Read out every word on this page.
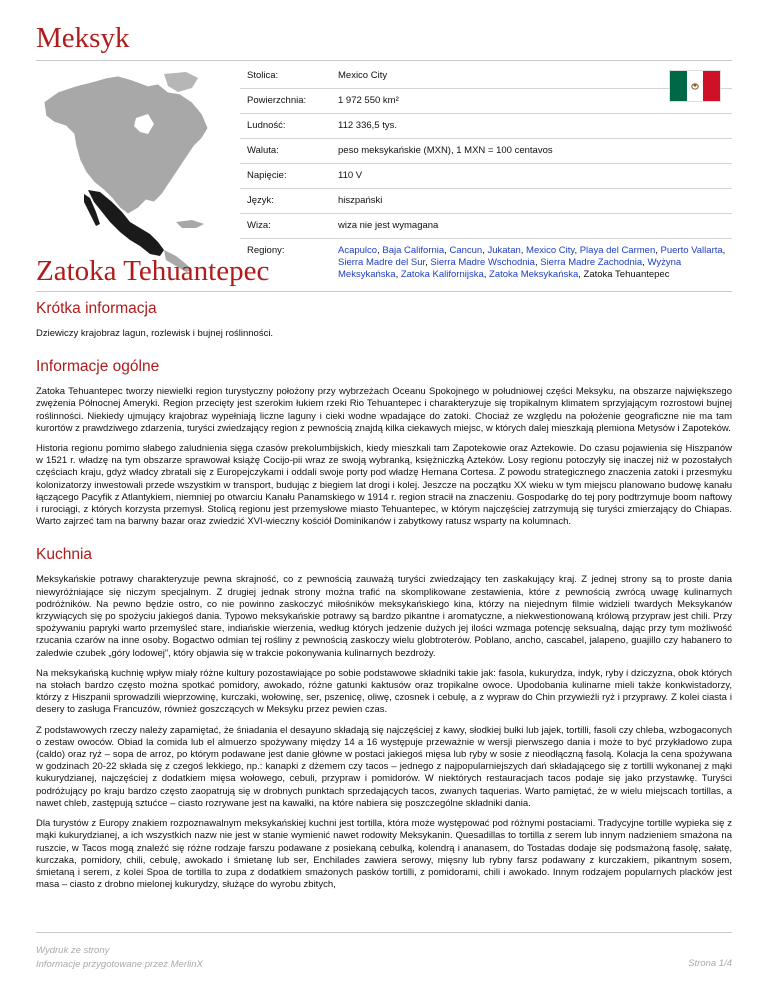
Meksyk
Stolica:	Mexico City
Powierzchnia:	1 972 550 km²
Ludność:	112 336,5 tys.
Waluta:	peso meksykańskie (MXN), 1 MXN = 100 centavos
Napięcie:	110 V
Język:	hiszpański
Wiza:	wiza nie jest wymagana
Regiony:	Acapulco, Baja California, Cancun, Jukatan, Mexico City, Playa del Carmen, Puerto Vallarta, Sierra Madre del Sur, Sierra Madre Wschodnia, Sierra Madre Zachodnia, Wyżyna Meksykańska, Zatoka Kalifornijska, Zatoka Meksykańska, Zatoka Tehuantepec
Zatoka Tehuantepec
Krótka informacja

Dziewiczy krajobraz lagun, rozlewisk i bujnej roślinności.

Informacje ogólne

Zatoka Tehuantepec tworzy niewielki region turystyczny położony przy wybrzeżach Oceanu Spokojnego w południowej części Meksyku, na obszarze największego zwężenia Północnej Ameryki. Region przecięty jest szerokim łukiem rzeki Rio Tehuantepec i charakteryzuje się tropikalnym klimatem sprzyjającym rozrostowi bujnej roślinności. Niekiedy ujmujący krajobraz wypełniają liczne laguny i cieki wodne wpadające do zatoki. Chociaż ze względu na położenie geograficzne nie ma tam kurortów z prawdziwego zdarzenia, turyści zwiedzający region z pewnością znajdą kilka ciekawych miejsc, w których dalej mieszkają plemiona Metysów i Zapoteków.

Historia regionu pomimo słabego zaludnienia sięga czasów prekolumbijskich, kiedy mieszkali tam Zapotekowie oraz Aztekowie. Do czasu pojawienia się Hiszpanów w 1521 r. władzę na tym obszarze sprawował książę Cocijo-pii wraz ze swoją wybranką, księżniczką Azteków. Losy regionu potoczyły się inaczej niż w pozostałych częściach kraju, gdyż władcy zbratali się z Europejczykami i oddali swoje porty pod władzę Hernana Cortesa. Z powodu strategicznego znaczenia zatoki i przesmyku kolonizatorzy inwestowali przede wszystkim w transport, budując z biegiem lat drogi i kolej. Jeszcze na początku XX wieku w tym miejscu planowano budowę kanału łączącego Pacyfik z Atlantykiem, niemniej po otwarciu Kanału Panamskiego w 1914 r. region stracił na znaczeniu. Gospodarkę do tej pory podtrzymuje boom naftowy i rurociągi, z których korzysta przemysł. Stolicą regionu jest przemysłowe miasto Tehuantepec, w którym najczęściej zatrzymują się turyści zmierzający do Chiapas. Warto zajrzeć tam na barwny bazar oraz zwiedzić XVI-wieczny kościół Dominikanów i zabytkowy ratusz wsparty na kolumnach.

Kuchnia

Meksykańskie potrawy charakteryzuje pewna skrajność, co z pewnością zauważą turyści zwiedzający ten zaskakujący kraj. Z jednej strony są to proste dania niewyróżniające się niczym specjalnym. Z drugiej jednak strony można trafić na skomplikowane zestawienia, które z pewnością zwrócą uwagę kulinarnych podróżników. Na pewno będzie ostro, co nie powinno zaskoczyć miłośników meksykańskiego kina, którzy na niejednym filmie widzieli twardych Meksykanów krzywiących się po spożyciu jakiegoś dania. Typowo meksykańskie potrawy są bardzo pikantne i aromatyczne, a niekwestionowaną królową przypraw jest chili. Przy spożywaniu papryki warto przemyśleć stare, indiańskie wierzenia, według których jedzenie dużych jej ilości wzmaga potencję seksualną, dając przy tym możliwość rzucania czarów na inne osoby. Bogactwo odmian tej rośliny z pewnością zaskoczy wielu globtroterów. Poblano, ancho, cascabel, jalapeno, guajillo czy habanero to zaledwie czubek „góry lodowej”, który objawia się w trakcie pokonywania kulinarnych bezdroży.

Na meksykańską kuchnię wpływ miały różne kultury pozostawiające po sobie podstawowe składniki takie jak: fasola, kukurydza, indyk, ryby i dziczyzna, obok których na stołach bardzo często można spotkać pomidory, awokado, różne gatunki kaktusów oraz tropikalne owoce. Upodobania kulinarne mieli także konkwistadorzy, którzy z Hiszpanii sprowadzili wieprzowinę, kurczaki, wołowinę, ser, pszenicę, oliwę, czosnek i cebulę, a z wypraw do Chin przywieźli ryż i przyprawy. Z kolei ciasta i desery to zasługa Francuzów, również goszczących w Meksyku przez pewien czas.

Z podstawowych rzeczy należy zapamiętać, że śniadania el desayuno składają się najczęściej z kawy, słodkiej bułki lub jajek, tortilli, fasoli czy chleba, wzbogaconych o zestaw owoców. Obiad la comida lub el almuerzo spożywany między 14 a 16 występuje przeważnie w wersji pierwszego dania i może to być przykładowo zupa (caldo) oraz ryż – sopa de arroz, po którym podawane jest danie główne w postaci jakiegoś mięsa lub ryby w sosie z nieodłączną fasolą. Kolacja la cena spożywana w godzinach 20-22 składa się z czegoś lekkiego, np.: kanapki z dżemem czy tacos – jednego z najpopularniejszych dań składającego się z tortilli wykonanej z mąki kukurydzianej, najczęściej z dodatkiem mięsa wołowego, cebuli, przypraw i pomidorów. W niektórych restauracjach tacos podaje się jako przystawkę. Turyści podróżujący po kraju bardzo często zaopatrują się w drobnych punktach sprzedających tacos, zwanych taquerias. Warto pamiętać, że w wielu miejscach tortillas, a nawet chleb, zastępują sztućce – ciasto rozrywane jest na kawałki, na które nabiera się poszczególne składniki dania.

Dla turystów z Europy znakiem rozpoznawalnym meksykańskiej kuchni jest tortilla, która może występować pod różnymi postaciami. Tradycyjne tortille wypieka się z mąki kukurydzianej, a ich wszystkich nazw nie jest w stanie wymienić nawet rodowity Meksykanin. Quesadillas to tortilla z serem lub innym nadzieniem smażona na ruszcie, w Tacos mogą znaleźć się różne rodzaje farszu podawane z posiekaną cebulką, kolendrą i ananasem, do Tostadas dodaje się podsmażoną fasolę, sałatę, kurczaka, pomidory, chili, cebulę, awokado i śmietanę lub ser, Enchilades zawiera serowy, mięsny lub rybny farsz podawany z kurczakiem, pikantnym sosem, śmietaną i serem, z kolei Spoa de tortilla to zupa z dodatkiem smażonych pasków tortilli, z pomidorami, chili i awokado. Innym rodzajem popularnych placków jest masa – ciasto z drobno mielonej kukurydzy, służące do wyrobu zbitych,

Wydruk ze strony
Informacje przygotowane przez MerlinX	Strona 1/4
